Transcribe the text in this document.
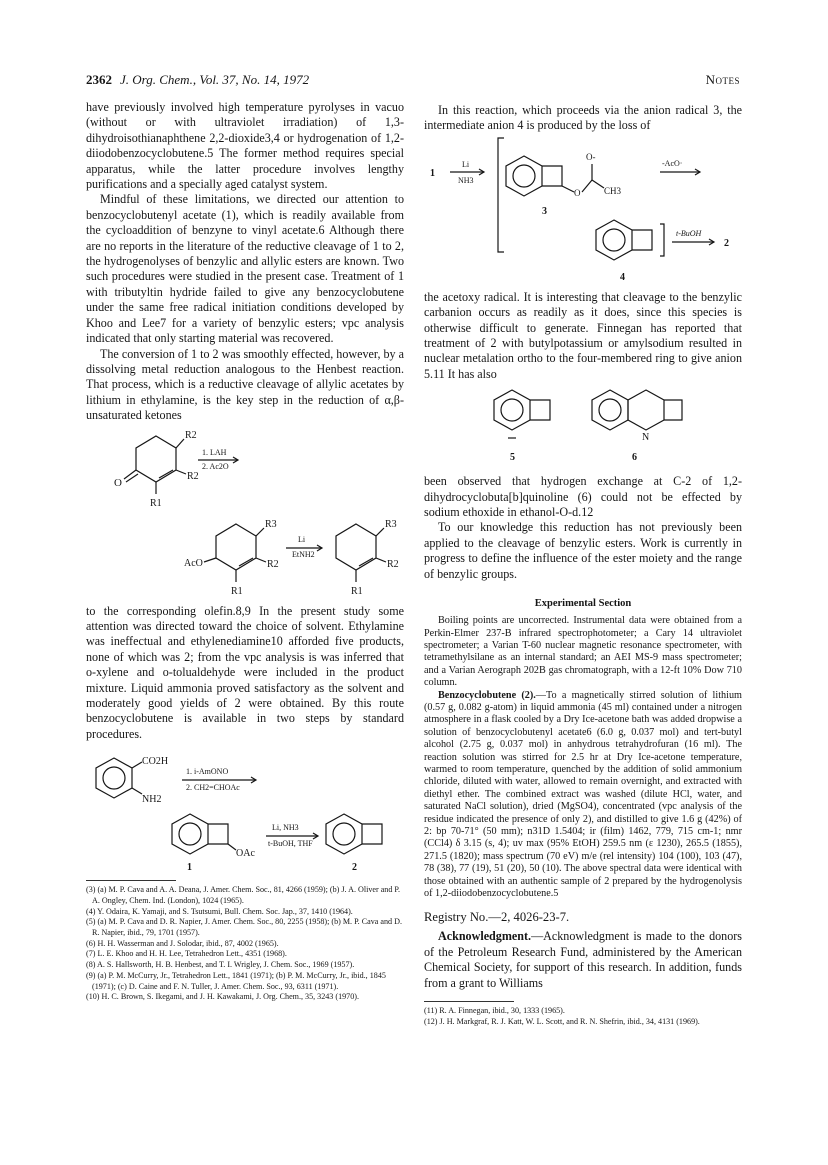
2362 J. Org. Chem., Vol. 37, No. 14, 1972	Notes

have previously involved high temperature pyrolyses in vacuo (without or with ultraviolet irradiation) of 1,3-dihydroisothianaphthene 2,2-dioxide3,4 or hydrogenation of 1,2-diiodobenzocyclobutene.5 The former method requires special apparatus, while the latter procedure involves lengthy purifications and a specially aged catalyst system.

Mindful of these limitations, we directed our attention to benzocyclobutenyl acetate (1), which is readily available from the cycloaddition of benzyne to vinyl acetate.6 Although there are no reports in the literature of the reductive cleavage of 1 to 2, the hydrogenolyses of benzylic and allylic esters are known. Two such procedures were studied in the present case. Treatment of 1 with tributyltin hydride failed to give any benzocyclobutene under the same free radical initiation conditions developed by Khoo and Lee7 for a variety of benzylic esters; vpc analysis indicated that only starting material was recovered.

The conversion of 1 to 2 was smoothly effected, however, by a dissolving metal reduction analogous to the Henbest reaction. That process, which is a reductive cleavage of allylic acetates by lithium in ethylamine, is the key step in the reduction of α,β-unsaturated ketones

O
R2
R2
R1
1. LAH
2. Ac2O
AcO
R3
R2
R1
Li
EtNH2
R3
R2
R1

to the corresponding olefin.8,9 In the present study some attention was directed toward the choice of solvent. Ethylamine was ineffectual and ethylenediamine10 afforded five products, none of which was 2; from the vpc analysis is was inferred that o-xylene and o-tolualdehyde were included in the product mixture. Liquid ammonia proved satisfactory as the solvent and moderately good yields of 2 were obtained. By this route benzocyclobutene is available in two steps by standard procedures.

CO2H
NH2
1. i-AmONO
2. CH2=CHOAc
OAc
1
Li, NH3
t-BuOH, THF
2

(3) (a) M. P. Cava and A. A. Deana, J. Amer. Chem. Soc., 81, 4266 (1959); (b) J. A. Oliver and P. A. Ongley, Chem. Ind. (London), 1024 (1965).

(4) Y. Odaira, K. Yamaji, and S. Tsutsumi, Bull. Chem. Soc. Jap., 37, 1410 (1964).

(5) (a) M. P. Cava and D. R. Napier, J. Amer. Chem. Soc., 80, 2255 (1958); (b) M. P. Cava and D. R. Napier, ibid., 79, 1701 (1957).

(6) H. H. Wasserman and J. Solodar, ibid., 87, 4002 (1965).

(7) L. E. Khoo and H. H. Lee, Tetrahedron Lett., 4351 (1968).

(8) A. S. Hallsworth, H. B. Henbest, and T. I. Wrigley, J. Chem. Soc., 1969 (1957).

(9) (a) P. M. McCurry, Jr., Tetrahedron Lett., 1841 (1971); (b) P. M. McCurry, Jr., ibid., 1845 (1971); (c) D. Caine and F. N. Tuller, J. Amer. Chem. Soc., 93, 6311 (1971).

(10) H. C. Brown, S. Ikegami, and J. H. Kawakami, J. Org. Chem., 35, 3243 (1970).

In this reaction, which proceeds via the anion radical 3, the intermediate anion 4 is produced by the loss of

1
Li
NH3
O
O-
CH3
3
-AcO·
4
t-BuOH
2

the acetoxy radical. It is interesting that cleavage to the benzylic carbanion occurs as readily as it does, since this species is otherwise difficult to generate. Finnegan has reported that treatment of 2 with butylpotassium or amylsodium resulted in nuclear metalation ortho to the four-membered ring to give anion 5.11 It has also

5
N
6

been observed that hydrogen exchange at C-2 of 1,2-dihydrocyclobuta[b]quinoline (6) could not be effected by sodium ethoxide in ethanol-O-d.12

To our knowledge this reduction has not previously been applied to the cleavage of benzylic esters. Work is currently in progress to define the influence of the ester moiety and the range of benzylic groups.

Experimental Section

Boiling points are uncorrected. Instrumental data were obtained from a Perkin-Elmer 237-B infrared spectrophotometer; a Cary 14 ultraviolet spectrometer; a Varian T-60 nuclear magnetic resonance spectrometer, with tetramethylsilane as an internal standard; an AEI MS-9 mass spectrometer; and a Varian Aerograph 202B gas chromatograph, with a 12-ft 10% Dow 710 column.

Benzocyclobutene (2).—To a magnetically stirred solution of lithium (0.57 g, 0.082 g-atom) in liquid ammonia (45 ml) contained under a nitrogen atmosphere in a flask cooled by a Dry Ice-acetone bath was added dropwise a solution of benzocyclobutenyl acetate6 (6.0 g, 0.037 mol) and tert-butyl alcohol (2.75 g, 0.037 mol) in anhydrous tetrahydrofuran (16 ml). The reaction solution was stirred for 2.5 hr at Dry Ice-acetone temperature, warmed to room temperature, quenched by the addition of solid ammonium chloride, diluted with water, allowed to remain overnight, and extracted with diethyl ether. The combined extract was washed (dilute HCl, water, and saturated NaCl solution), dried (MgSO4), concentrated (vpc analysis of the residue indicated the presence of only 2), and distilled to give 1.6 g (42%) of 2: bp 70-71° (50 mm); n31D 1.5404; ir (film) 1462, 779, 715 cm-1; nmr (CCl4) δ 3.15 (s, 4); uv max (95% EtOH) 259.5 nm (ε 1230), 265.5 (1855), 271.5 (1820); mass spectrum (70 eV) m/e (rel intensity) 104 (100), 103 (47), 78 (38), 77 (19), 51 (20), 50 (10). The above spectral data were identical with those obtained with an authentic sample of 2 prepared by the hydrogenolysis of 1,2-diiodobenzocyclobutene.5

Registry No.—2, 4026-23-7.

Acknowledgment.—Acknowledgment is made to the donors of the Petroleum Research Fund, administered by the American Chemical Society, for support of this research. In addition, funds from a grant to Williams

(11) R. A. Finnegan, ibid., 30, 1333 (1965).

(12) J. H. Markgraf, R. J. Katt, W. L. Scott, and R. N. Shefrin, ibid., 34, 4131 (1969).
